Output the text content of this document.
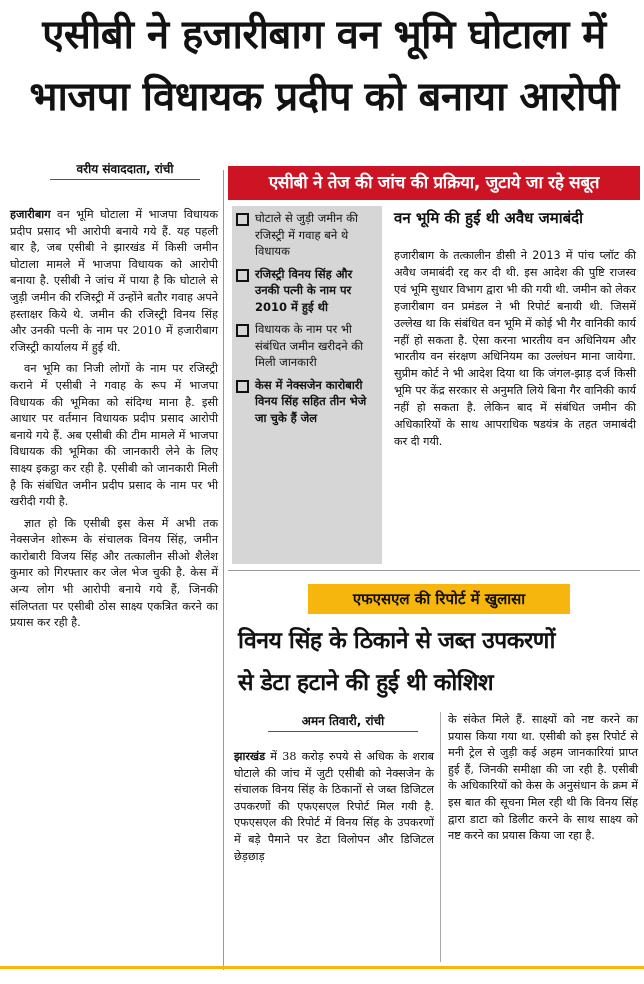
एसीबी ने हजारीबाग वन भूमि घोटाला में
भाजपा विधायक प्रदीप को बनाया आरोपी
वरीय संवाददाता, रांची

हजारीबाग वन भूमि घोटाला में भाजपा विधायक प्रदीप प्रसाद भी आरोपी बनाये गये हैं. यह पहली बार है, जब एसीबी ने झारखंड में किसी जमीन घोटाला मामले में भाजपा विधायक को आरोपी बनाया है. एसीबी ने जांच में पाया है कि घोटाले से जुड़ी जमीन की रजिस्ट्री में उन्होंने बतौर गवाह अपने हस्ताक्षर किये थे. जमीन की रजिस्ट्री विनय सिंह और उनकी पत्नी के नाम पर 2010 में हजारीबाग रजिस्ट्री कार्यालय में हुई थी.

वन भूमि का निजी लोगों के नाम पर रजिस्ट्री कराने में एसीबी ने गवाह के रूप में भाजपा विधायक की भूमिका को संदिग्ध माना है. इसी आधार पर वर्तमान विधायक प्रदीप प्रसाद आरोपी बनाये गये हैं. अब एसीबी की टीम मामले में भाजपा विधायक की भूमिका की जानकारी लेने के लिए साक्ष्य इकट्ठा कर रही है. एसीबी को जानकारी मिली है कि संबंधित जमीन प्रदीप प्रसाद के नाम पर भी खरीदी गयी है.

ज्ञात हो कि एसीबी इस केस में अभी तक नेक्सजेन शोरूम के संचालक विनय सिंह, जमीन कारोबारी विजय सिंह और तत्कालीन सीओ शैलेश कुमार को गिरफ्तार कर जेल भेज चुकी है. केस में अन्य लोग भी आरोपी बनाये गये हैं, जिनकी संलिप्तता पर एसीबी ठोस साक्ष्य एकत्रित करने का प्रयास कर रही है.

एसीबी ने तेज की जांच की प्रक्रिया, जुटाये जा रहे सबूत
घोटाले से जुड़ी जमीन की रजिस्ट्री में गवाह बने थे विधायक
रजिस्ट्री विनय सिंह और उनकी पत्नी के नाम पर 2010 में हुई थी
विधायक के नाम पर भी संबंधित जमीन खरीदने की मिली जानकारी
केस में नेक्सजेन कारोबारी विनय सिंह सहित तीन भेजे जा चुके हैं जेल
वन भूमि की हुई थी अवैध जमाबंदी
हजारीबाग के तत्कालीन डीसी ने 2013 में पांच प्लॉट की अवैध जमाबंदी रद्द कर दी थी. इस आदेश की पुष्टि राजस्व एवं भूमि सुधार विभाग द्वारा भी की गयी थी. जमीन को लेकर हजारीबाग वन प्रमंडल ने भी रिपोर्ट बनायी थी. जिसमें उल्लेख था कि संबंधित वन भूमि में कोई भी गैर वानिकी कार्य नहीं हो सकता है. ऐसा करना भारतीय वन अधिनियम और भारतीय वन संरक्षण अधिनियम का उल्लंघन माना जायेगा. सुप्रीम कोर्ट ने भी आदेश दिया था कि जंगल-झाड़ दर्ज किसी भूमि पर केंद्र सरकार से अनुमति लिये बिना गैर वानिकी कार्य नहीं हो सकता है. लेकिन बाद में संबंधित जमीन की अधिकारियों के साथ आपराधिक षडयंत्र के तहत जमाबंदी कर दी गयी.
एफएसएल की रिपोर्ट में खुलासा
विनय सिंह के ठिकाने से जब्त उपकरणों
से डेटा हटाने की हुई थी कोशिश
अमन तिवारी, रांची
झारखंड में 38 करोड़ रुपये से अधिक के शराब घोटाले की जांच में जुटी एसीबी को नेक्सजेन के संचालक विनय सिंह के ठिकानों से जब्त डिजिटल उपकरणों की एफएसएल रिपोर्ट मिल गयी है. एफएसएल की रिपोर्ट में विनय सिंह के उपकरणों में बड़े पैमाने पर डेटा विलोपन और डिजिटल छेड़छाड़
के संकेत मिले हैं. साक्ष्यों को नष्ट करने का प्रयास किया गया था. एसीबी को इस रिपोर्ट से मनी ट्रेल से जुड़ी कई अहम जानकारियां प्राप्त हुई हैं, जिनकी समीक्षा की जा रही है. एसीबी के अधिकारियों को केस के अनुसंधान के क्रम में इस बात की सूचना मिल रही थी कि विनय सिंह द्वारा डाटा को डिलीट करने के साथ साक्ष्य को नष्ट करने का प्रयास किया जा रहा है.
